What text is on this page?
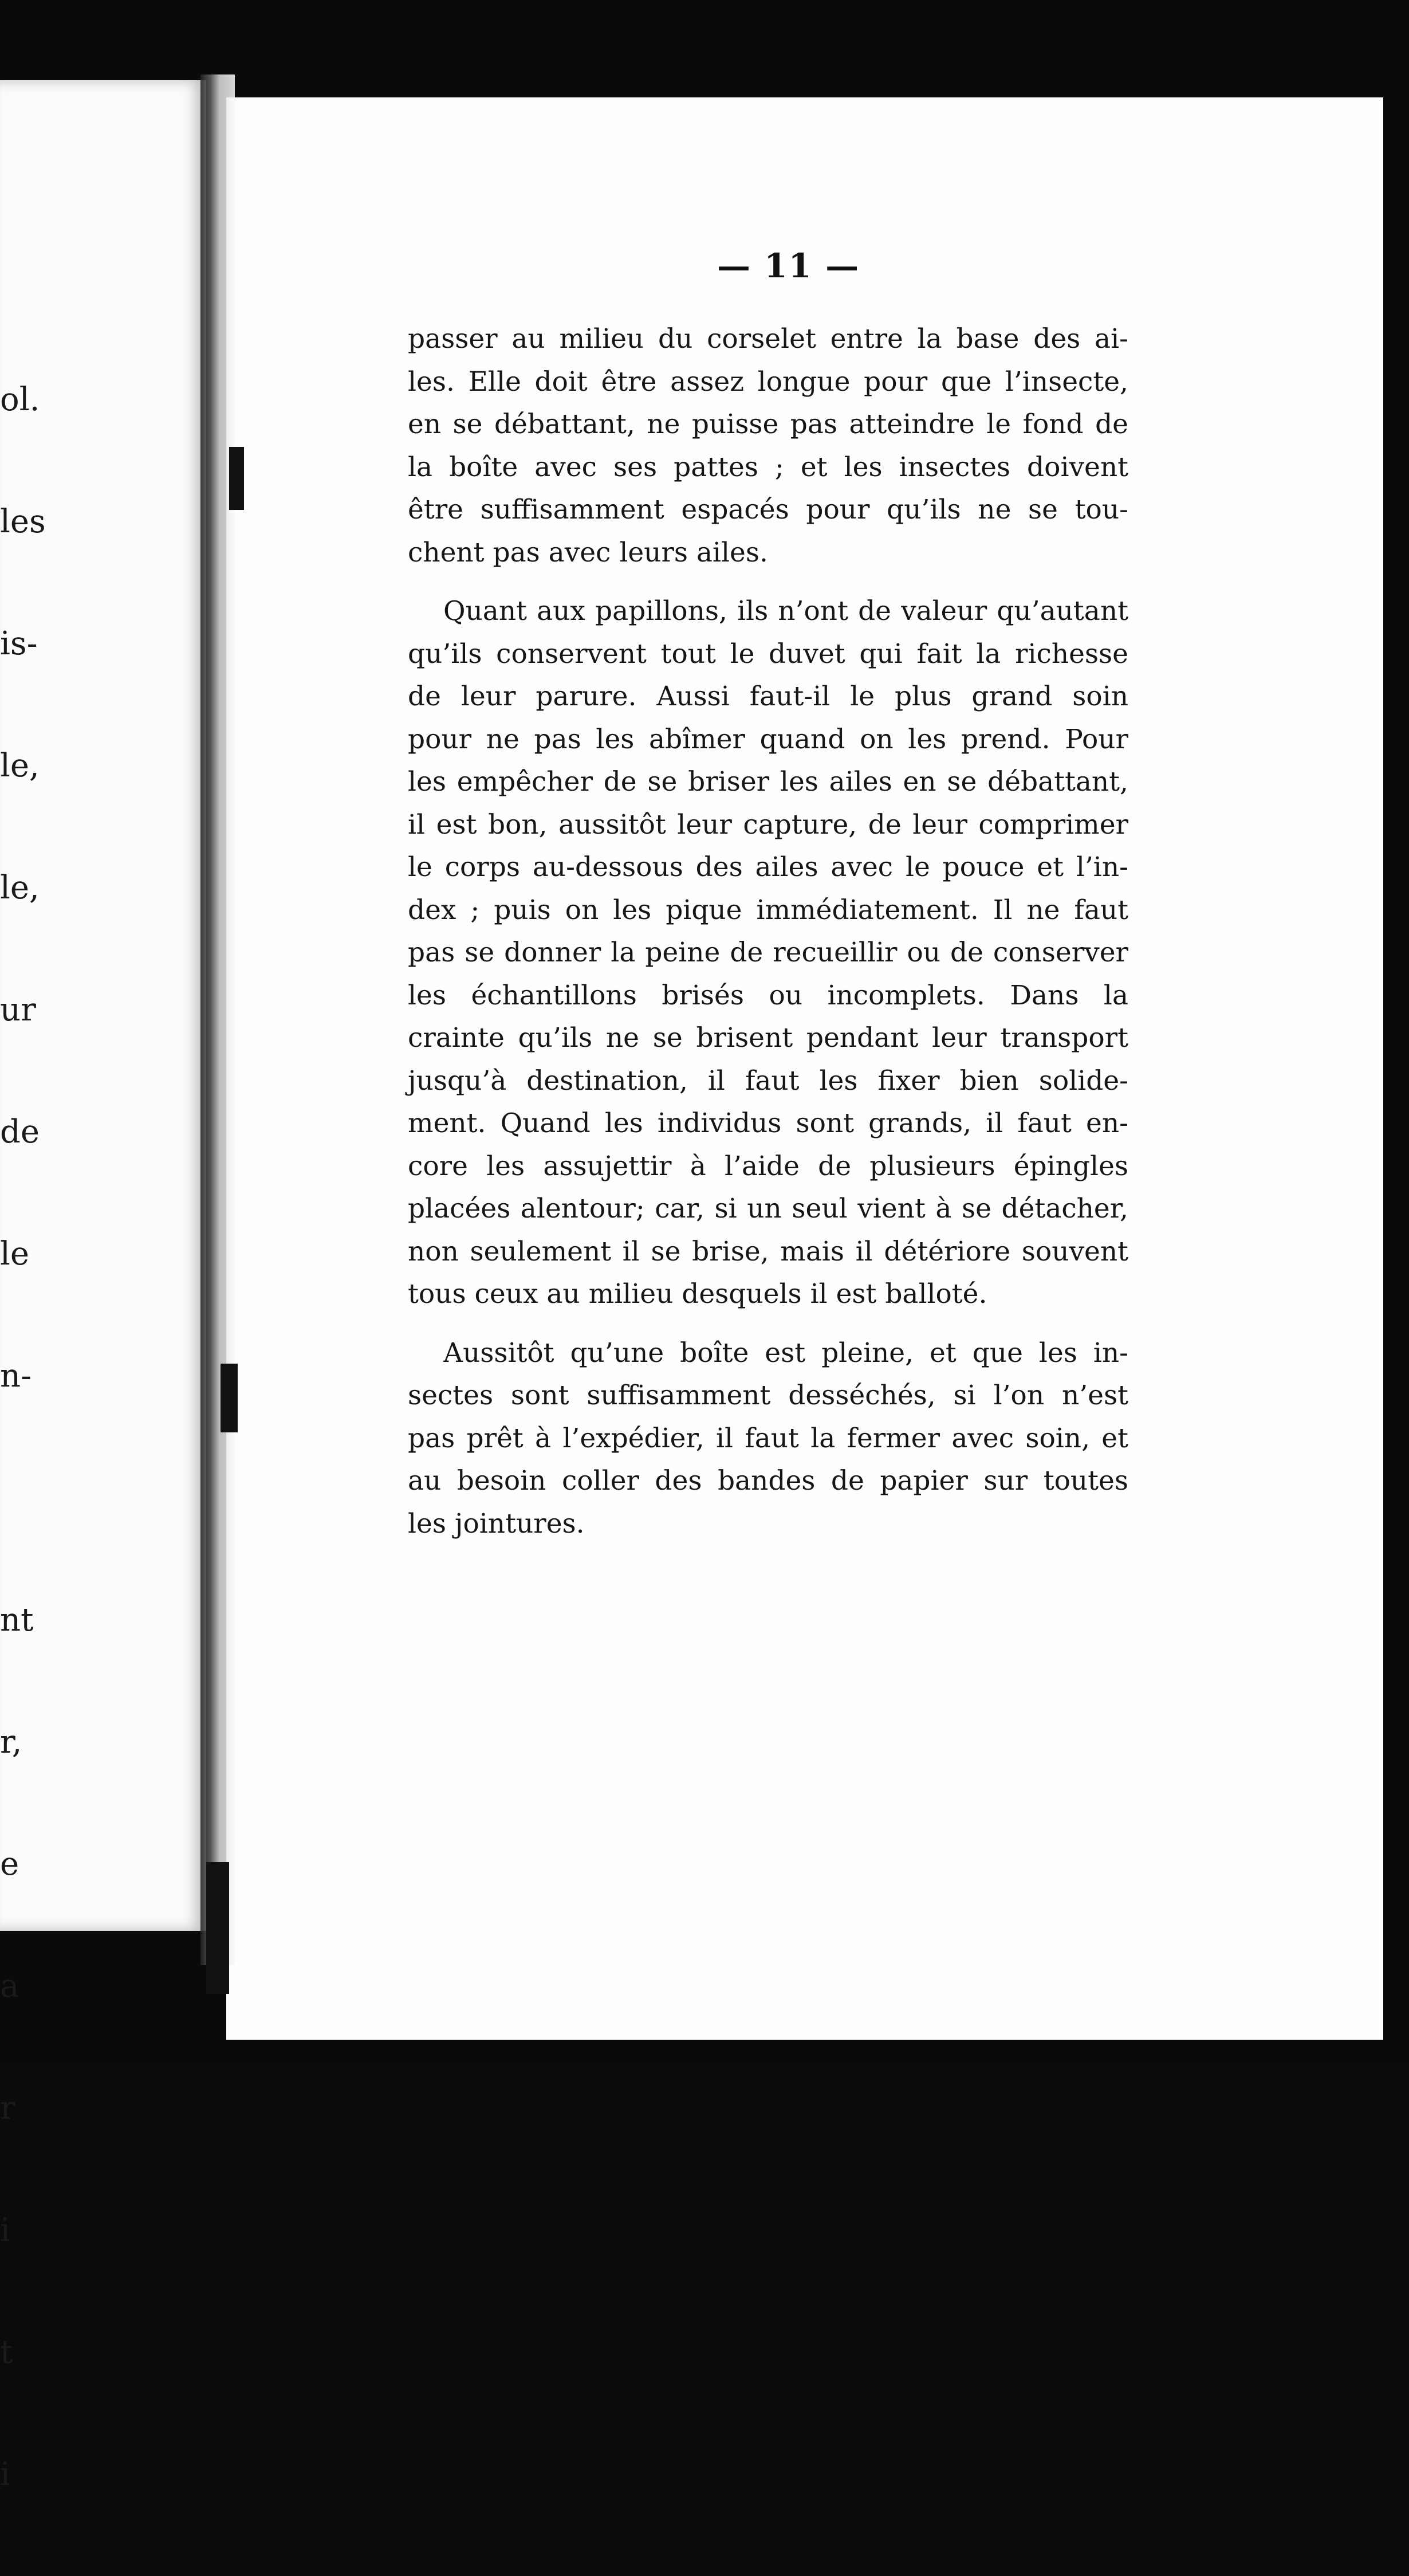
ol.

les

is-

le,

le,

ur

de

le

n-

nt

r,

e

a

r

i

t

i

— 11 —

passer au milieu du corselet entre la base des ai-
les. Elle doit être assez longue pour que l’insecte,
en se débattant, ne puisse pas atteindre le fond de
la boîte avec ses pattes ; et les insectes doivent
être suffisamment espacés pour qu’ils ne se tou-
chent pas avec leurs ailes.

Quant aux papillons, ils n’ont de valeur qu’autant
qu’ils conservent tout le duvet qui fait la richesse
de leur parure. Aussi faut-il le plus grand soin
pour ne pas les abîmer quand on les prend. Pour
les empêcher de se briser les ailes en se débattant,
il est bon, aussitôt leur capture, de leur comprimer
le corps au-dessous des ailes avec le pouce et l’in-
dex ; puis on les pique immédiatement. Il ne faut
pas se donner la peine de recueillir ou de conserver
les échantillons brisés ou incomplets. Dans la
crainte qu’ils ne se brisent pendant leur transport
jusqu’à destination, il faut les fixer bien solide-
ment. Quand les individus sont grands, il faut en-
core les assujettir à l’aide de plusieurs épingles
placées alentour; car, si un seul vient à se détacher,
non seulement il se brise, mais il détériore souvent
tous ceux au milieu desquels il est balloté.

Aussitôt qu’une boîte est pleine, et que les in-
sectes sont suffisamment desséchés, si l’on n’est
pas prêt à l’expédier, il faut la fermer avec soin, et
au besoin coller des bandes de papier sur toutes
les jointures.
